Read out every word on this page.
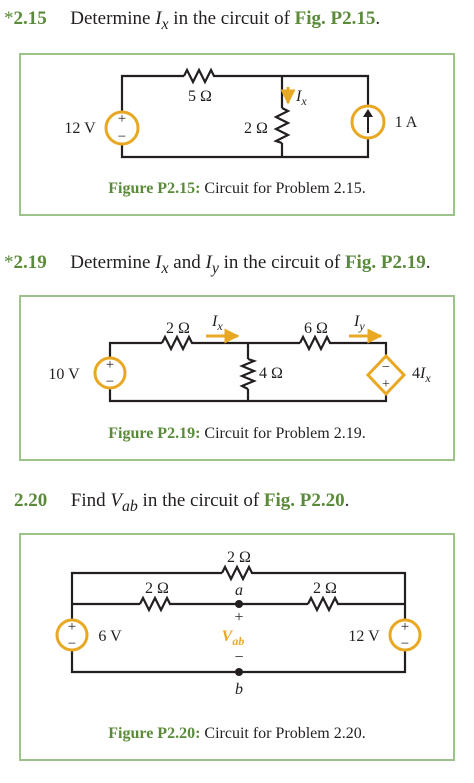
*2.15 Determine $I_x$ in the circuit of Fig. P2.15.
Figure P2.15: Circuit for Problem 2.15.
+
−
5 Ω
2 Ω
12 V	1 A
$I_x$
+
−
−
+
2 Ω	6 Ω
4 Ω
10 V
$I_x$	$I_y$
$4I_x$
+
−
+
−
2 Ω
2 Ω	2 Ω
a
b
6 V	12 V
+
−
$V_{ab}$
*2.19 Determine $I_x$ and $I_y$ in the circuit of Fig. P2.19.
Figure P2.19: Circuit for Problem 2.19.
2.20 Find $V_{ab}$ in the circuit of Fig. P2.20.
Figure P2.20: Circuit for Problem 2.20.
